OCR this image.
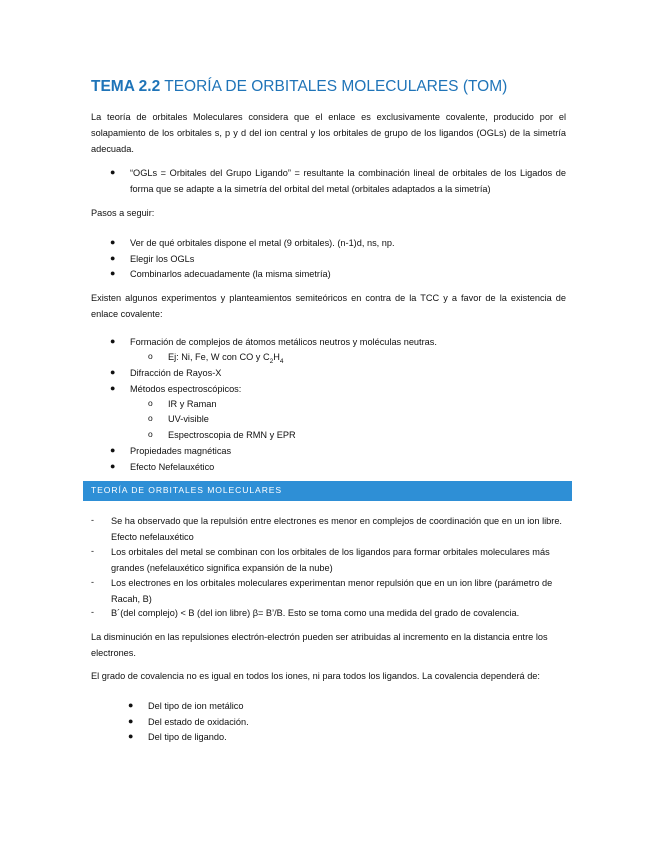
TEMA 2.2 TEORÍA DE ORBITALES MOLECULARES (TOM)
La teoría de orbitales Moleculares considera que el enlace es exclusivamente covalente, producido por el solapamiento de los orbitales s, p y d del ion central y los orbitales de grupo de los ligandos (OGLs) de la simetría adecuada.
● “OGLs = Orbitales del Grupo Ligando” = resultante la combinación lineal de orbitales de los Ligados de forma que se adapte a la simetría del orbital del metal (orbitales adaptados a la simetría)
Pasos a seguir:
● Ver de qué orbitales dispone el metal (9 orbitales). (n-1)d, ns, np.
● Elegir los OGLs
● Combinarlos adecuadamente (la misma simetría)
Existen algunos experimentos y planteamientos semiteóricos en contra de la TCC y a favor de la existencia de enlace covalente:
● Formación de complejos de átomos metálicos neutros y moléculas neutras.
o Ej: Ni, Fe, W con CO y $C_2H_4$
● Difracción de Rayos-X
● Métodos espectroscópicos:
o IR y Raman
o UV-visible
o Espectroscopia de RMN y EPR
● Propiedades magnéticas
● Efecto Nefelauxético
TEORÍA DE ORBITALES MOLECULARES
- Se ha observado que la repulsión entre electrones es menor en complejos de coordinación que en un ion libre. Efecto nefelauxético
- Los orbitales del metal se combinan con los orbitales de los ligandos para formar orbitales moleculares más grandes (nefelauxético significa expansión de la nube)
- Los electrones en los orbitales moleculares experimentan menor repulsión que en un ion libre (parámetro de Racah, B)
- B´(del complejo) < B (del ion libre) β= B’/B. Esto se toma como una medida del grado de covalencia.
La disminución en las repulsiones electrón-electrón pueden ser atribuidas al incremento en la distancia entre los electrones.
El grado de covalencia no es igual en todos los iones, ni para todos los ligandos. La covalencia dependerá de:
● Del tipo de ion metálico
● Del estado de oxidación.
● Del tipo de ligando.
